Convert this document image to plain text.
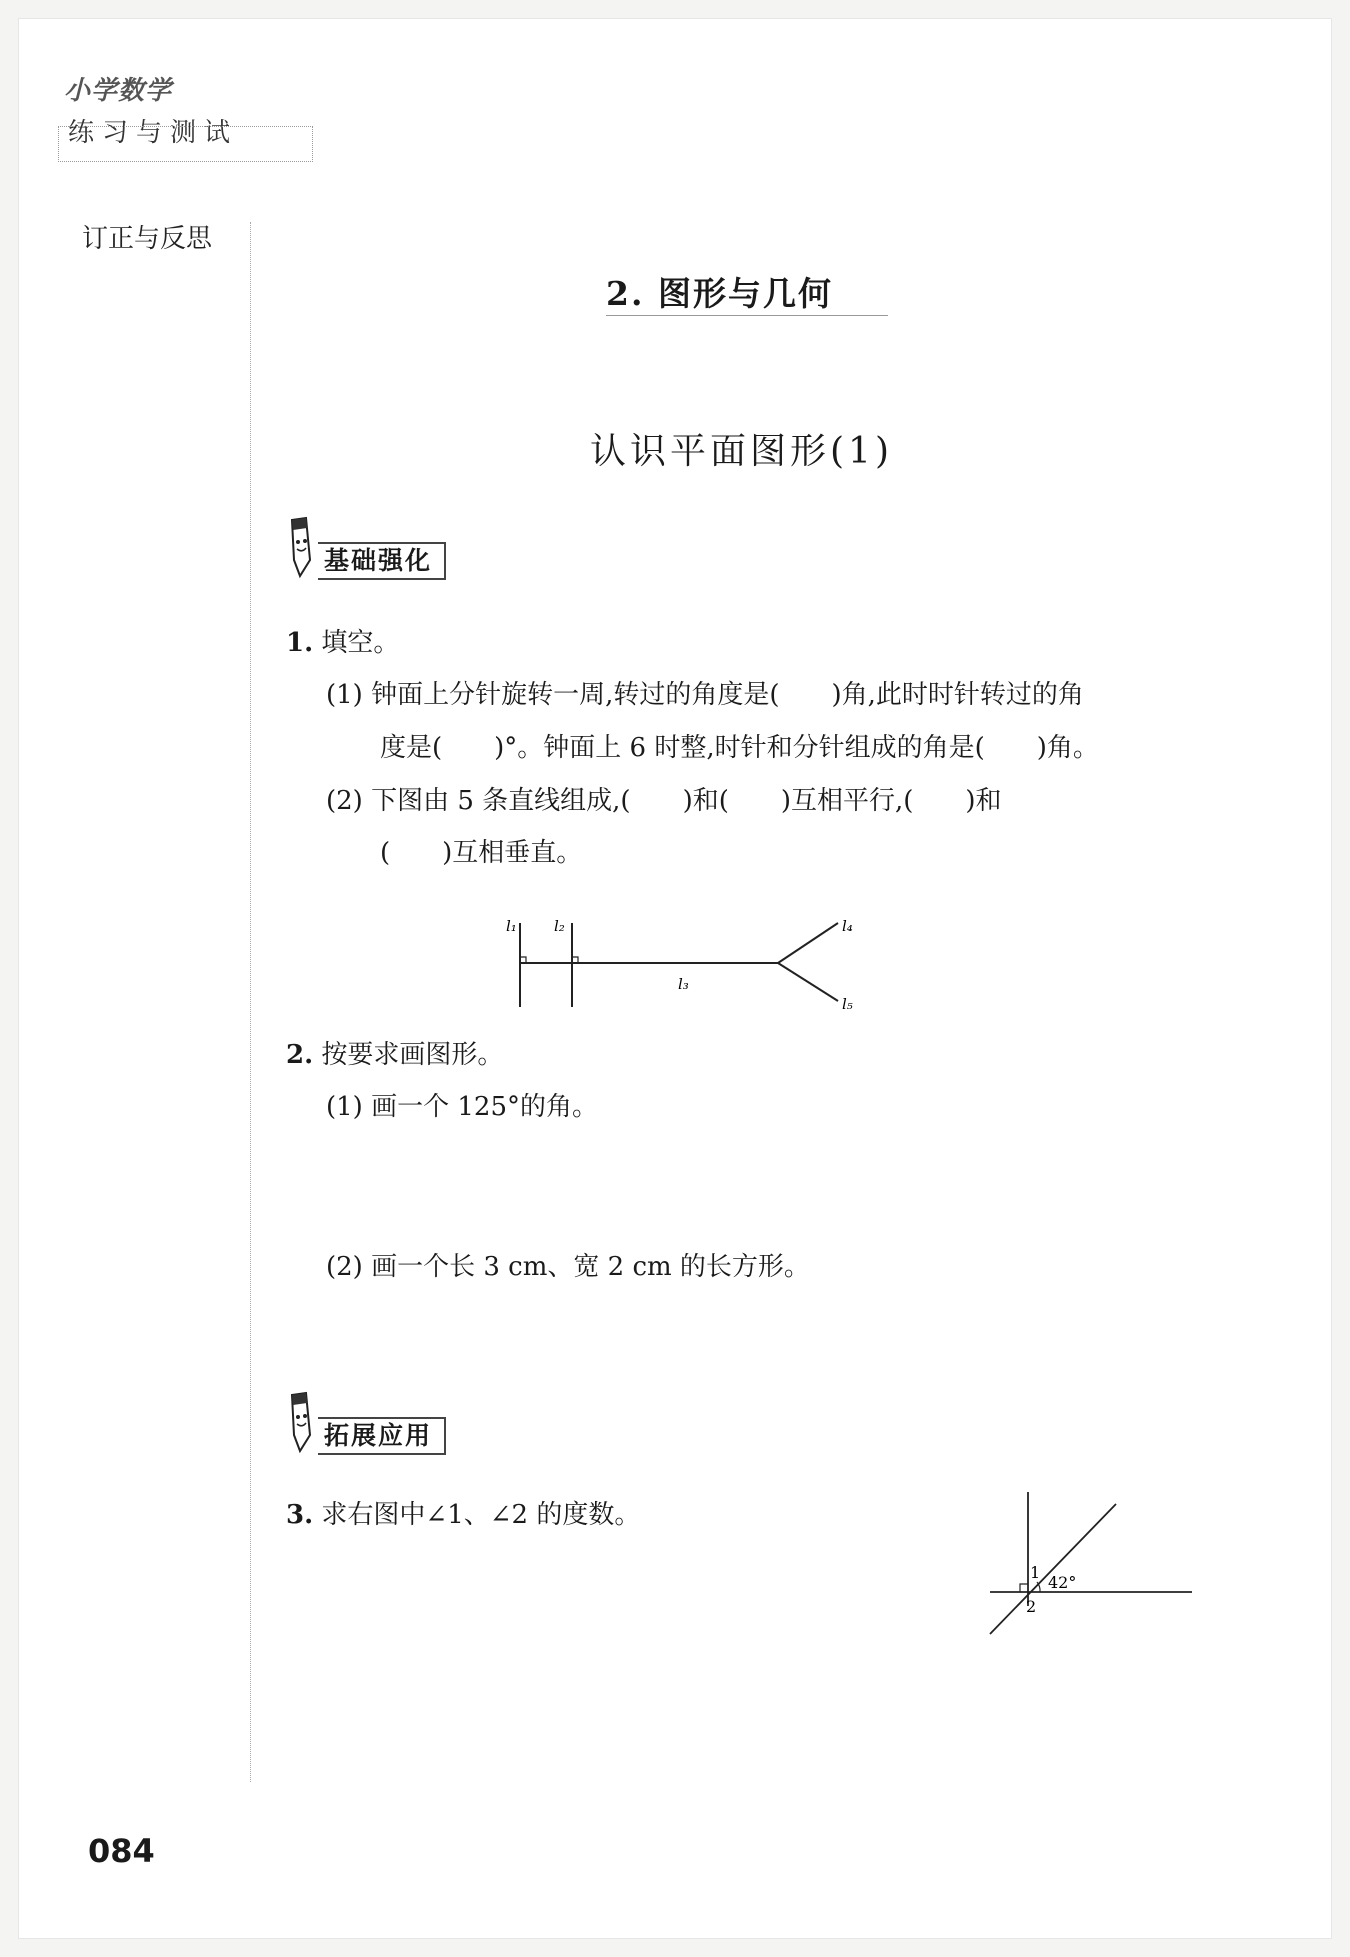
小学数学
练习与测试
订正与反思
2. 图形与几何
认识平面图形(1)
基础强化
1. 填空。
(1) 钟面上分针旋转一周,转过的角度是(　　)角,此时时针转过的角
度是(　　)°。钟面上 6 时整,时针和分针组成的角是(　　)角。
(2) 下图由 5 条直线组成,(　　)和(　　)互相平行,(　　)和
(　　)互相垂直。
l₁ l₂
l₃
l₄
l₅
2. 按要求画图形。
(1) 画一个 125°的角。
(2) 画一个长 3 cm、宽 2 cm 的长方形。
拓展应用
3. 求右图中∠1、∠2 的度数。
1
2
42°
084
